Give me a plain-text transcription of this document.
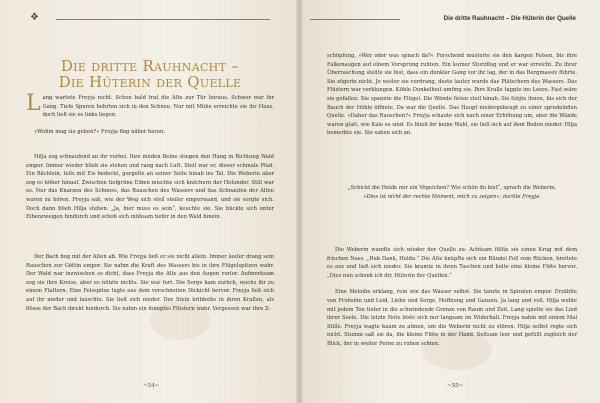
❖
Die dritte Rauhnacht –
Die Hüterin der Quelle
L ang wartete Freyja nicht. Schon bald trat die Alte zur Tür heraus. Schwer war ihr Gang. Tiefe Spuren bohrten sich in den Schnee. Nur mit Mühe erreichte sie ihr Haus, doch ließ sie es links liegen.

»Wohin mag sie gehen?« Freyja flog näher heran.

Hilja zog schnaufend an ihr vorbei. Ihre müden Beine stiegen den Hang in Richtung Wald empor. Immer wieder blieb sie stehen und rang nach Luft. Steil war er, dieser schmale Pfad. Ein Bächlein, teils mit Eis bedeckt, gurgelte an seiner Seite hinab ins Tal. Die Weberin aber zog es höher hinauf. Zwischen tiefgrüne Eiben mischte sich knöchern der Holunder. Still war es. Nur das Knarzen des Schnees, das Rauschen des Wassers und das Schnaufen der Alten waren zu hören. Freyja sah, wie der Weg sich steil steiler emporwand, und sie sorgte sich. Doch dann blieb Hilja stehen. „Ja, hier muss es sein“, keuchte sie. Sie bückte sich unter Eibenzweigen hindurch und schob sich mühsam tiefer in den Wald hinein.

Der Bach bog mit der Alten ab. Wie Freyja ließ er sie nicht allein. Immer lauter drang sein Rauschen zur Göttin empor. Sie nahm die Kraft des Wassers bis in ihre Flügelspitzen wahr. Der Wald war inzwischen so dicht, dass Freyja die Alte aus den Augen verlor. Aufmerksam zog sie ihre Kreise, aber es nützte nichts. Sie war fort. Die Sorge kam zurück, wuchs ihr zu einem Flattern. Eine Felsspitze lugte aus dem verschneiten Dickicht hervor. Freyja ließ sich auf ihr nieder und lauschte. Sie ließ sich nieder. Der Stein kribbelte in ihren Krallen, als flösse der Bach direkt hindurch. Sie nahm ein dumpfes Flüstern wahr. Vergessen war ihre Z-

~54~
Die dritte Rauhnacht – Die Hüterin der Quelle

schöpfung. »Wer oder was sprach da?« Forschend musterte sie den kargen Felsen, bis ihre Falkenaugen auf einem Vorsprung ruhten. Ein kurzer Sturzflug und er war erreicht. Zu ihrer Überraschung stellte sie fest, dass ein dunkler Gang vor ihr lag, der in das Bergmassiv führte. Sie zögerte nicht. Je weiter sie vordrang, desto lauter wurde das Plätschern des Wassers. Das Flüstern war verklungen. Kühle Dunkelheit umfing sie. Ihre Kralle tappte ins Leere. Fast wäre sie gefallen. Sie spannte die Flügel. Die Wände fielen steil hinab. Sie folgte ihnen, bis sich der Bauch der Höhle öffnete. Da war die Quelle. Das Haupt niedergebeugt zu einer sprudelnden Quelle. »Daher das Rauschen?« Freyja schaute sich nach einer Erhöhung um, aber die Wände waren glatt, wie Kale es sind. Es blieb ihr keine Wahl, sie ließ sich auf dem Boden nieder. Hilja bemerkte sie. Sie sahen sich an.

„Schickt die Holde mir ein Vögelchen? Wie schön du bist“, sprach die Weberin.

»Dies ist nicht der rechte Moment, mich zu zeigen«, dachte Freyja.

Die Weberin wandte sich wieder der Quelle zu. Achtsam füllte sie einen Krug mit dem frischen Nass. „Hab Dank, Hulda.“ Die Alte knüpfte sich ein Bündel Fell vom Rücken, breitete es aus und ließ sich nieder. Sie kramte in ihren Taschen und holte eine kleine Flöte hervor. „Dies nun schenk ich dir, Hüterin der Quellen.“

Eine Melodie erklang, rein wie das Wasser selbst. Sie tanzte in Spiralen empor. Erzählte von Frohsinn und Leid, Liebe und Sorge, Hoffnung und Ganzen. Ja lang und voll. Hilja webte mit jedem Ton tiefer in die schwindende Grenze von Raum und Zeit. Lang spielte sie das Lied ihrer Seele. Die letzte Note löste sich nur langsam im Widerhall. Freyja nahm mit einem Mal Stille. Freyja wagte kaum zu atmen, um die Weberin nicht zu stören. Hilja selbst regte sich nicht. Stumm saß sie da, die kleine Flöte in der Hand. Seltsam leer und gefüllt zugleich der Blick, der in weiter Ferne zu ruhen schien.

~55~
